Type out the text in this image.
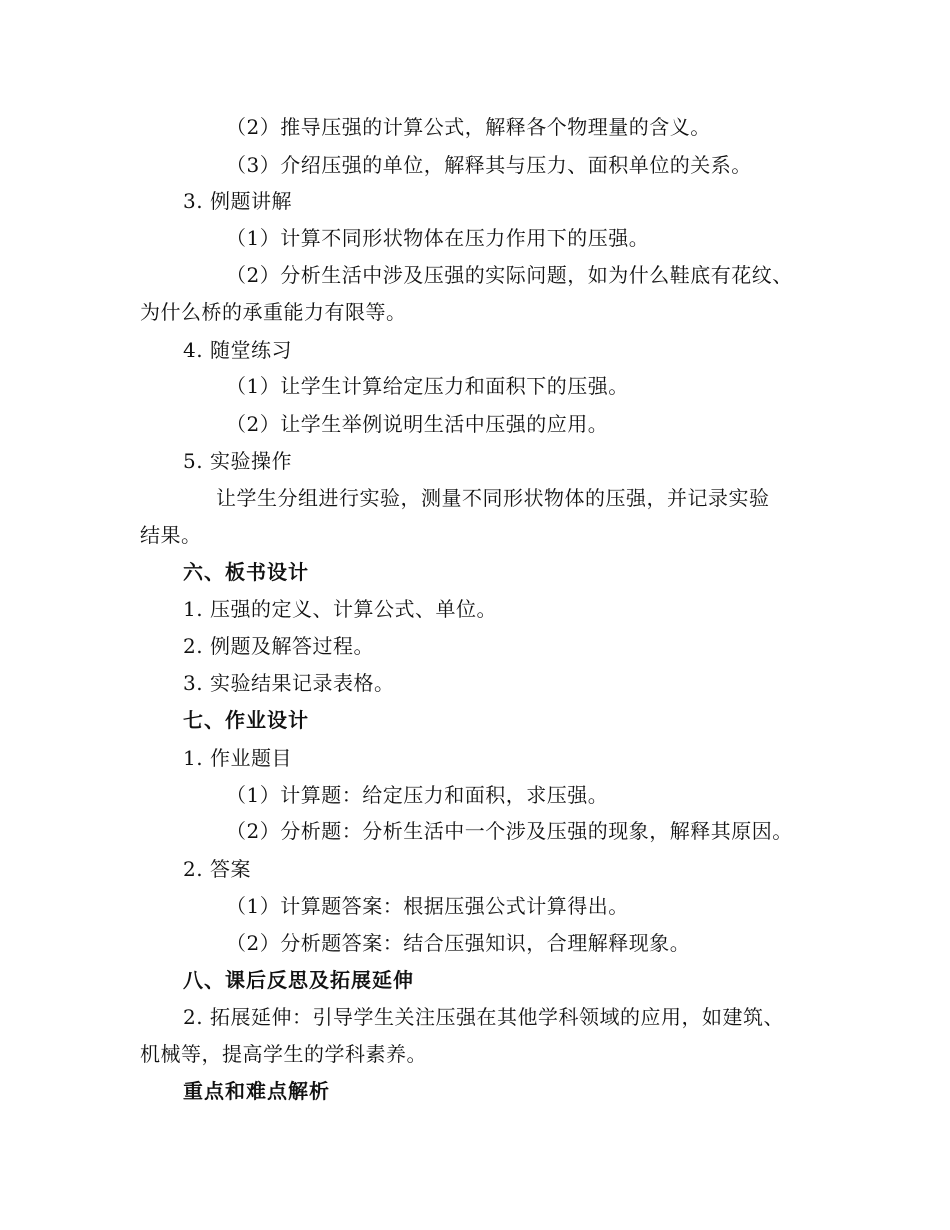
（2）推导压强的计算公式，解释各个物理量的含义。
（3）介绍压强的单位，解释其与压力、面积单位的关系。
3. 例题讲解
（1）计算不同形状物体在压力作用下的压强。
（2）分析生活中涉及压强的实际问题，如为什么鞋底有花纹、
为什么桥的承重能力有限等。
4. 随堂练习
（1）让学生计算给定压力和面积下的压强。
（2）让学生举例说明生活中压强的应用。
5. 实验操作
让学生分组进行实验，测量不同形状物体的压强，并记录实验
结果。
六、板书设计
1. 压强的定义、计算公式、单位。
2. 例题及解答过程。
3. 实验结果记录表格。
七、作业设计
1. 作业题目
（1）计算题：给定压力和面积，求压强。
（2）分析题：分析生活中一个涉及压强的现象，解释其原因。
2. 答案
（1）计算题答案：根据压强公式计算得出。
（2）分析题答案：结合压强知识，合理解释现象。
八、课后反思及拓展延伸
2. 拓展延伸：引导学生关注压强在其他学科领域的应用，如建筑、
机械等，提高学生的学科素养。
重点和难点解析
